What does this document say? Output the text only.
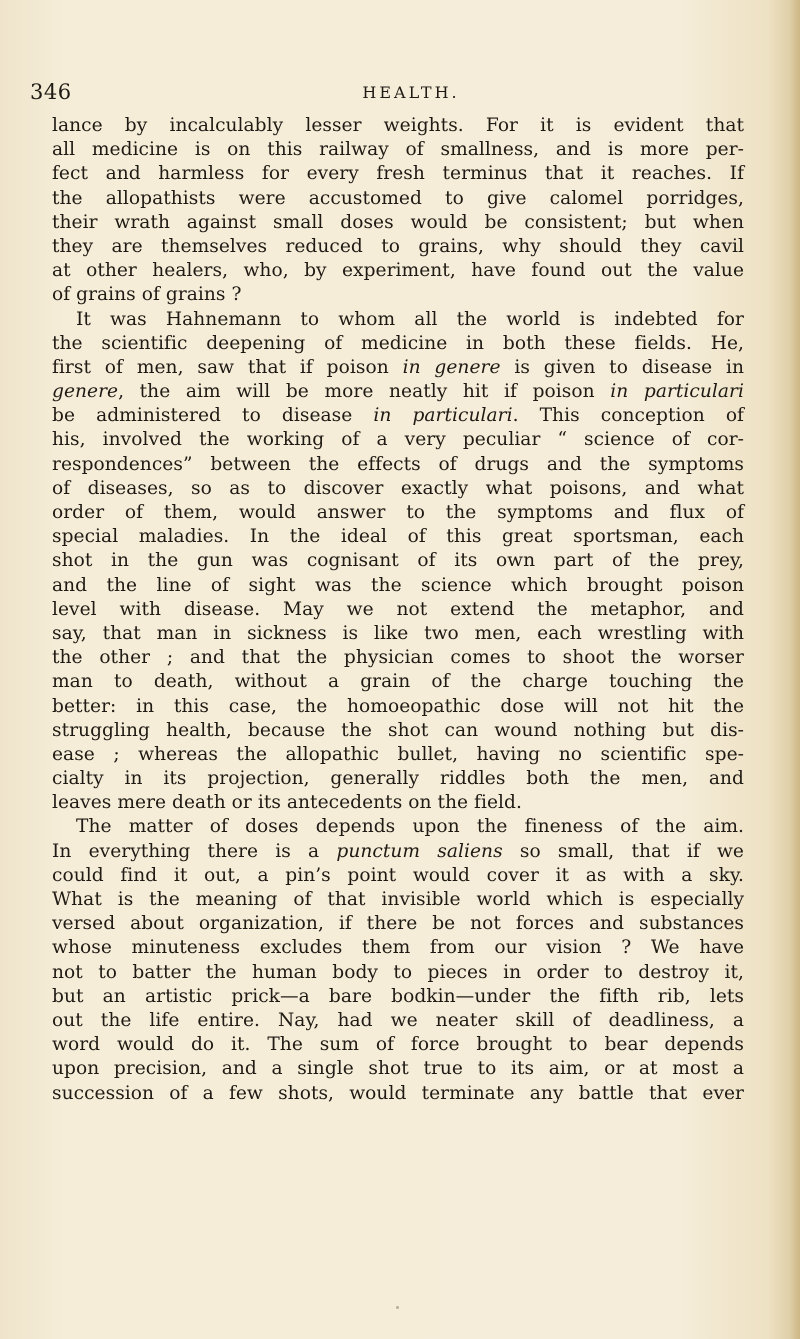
346	HEALTH.
lance by incalculably lesser weights. For it is evident that
all medicine is on this railway of smallness, and is more per-
fect and harmless for every fresh terminus that it reaches. If
the allopathists were accustomed to give calomel porridges,
their wrath against small doses would be consistent; but when
they are themselves reduced to grains, why should they cavil
at other healers, who, by experiment, have found out the value
of grains of grains ?
It was Hahnemann to whom all the world is indebted for
the scientific deepening of medicine in both these fields. He,
first of men, saw that if poison in genere is given to disease in
genere, the aim will be more neatly hit if poison in particulari
be administered to disease in particulari. This conception of
his, involved the working of a very peculiar “ science of cor-
respondences” between the effects of drugs and the symptoms
of diseases, so as to discover exactly what poisons, and what
order of them, would answer to the symptoms and flux of
special maladies. In the ideal of this great sportsman, each
shot in the gun was cognisant of its own part of the prey,
and the line of sight was the science which brought poison
level with disease. May we not extend the metaphor, and
say, that man in sickness is like two men, each wrestling with
the other ; and that the physician comes to shoot the worser
man to death, without a grain of the charge touching the
better: in this case, the homoeopathic dose will not hit the
struggling health, because the shot can wound nothing but dis-
ease ; whereas the allopathic bullet, having no scientific spe-
cialty in its projection, generally riddles both the men, and
leaves mere death or its antecedents on the field.
The matter of doses depends upon the fineness of the aim.
In everything there is a punctum saliens so small, that if we
could find it out, a pin’s point would cover it as with a sky.
What is the meaning of that invisible world which is especially
versed about organization, if there be not forces and substances
whose minuteness excludes them from our vision ? We have
not to batter the human body to pieces in order to destroy it,
but an artistic prick—a bare bodkin—under the fifth rib, lets
out the life entire. Nay, had we neater skill of deadliness, a
word would do it. The sum of force brought to bear depends
upon precision, and a single shot true to its aim, or at most a
succession of a few shots, would terminate any battle that ever
